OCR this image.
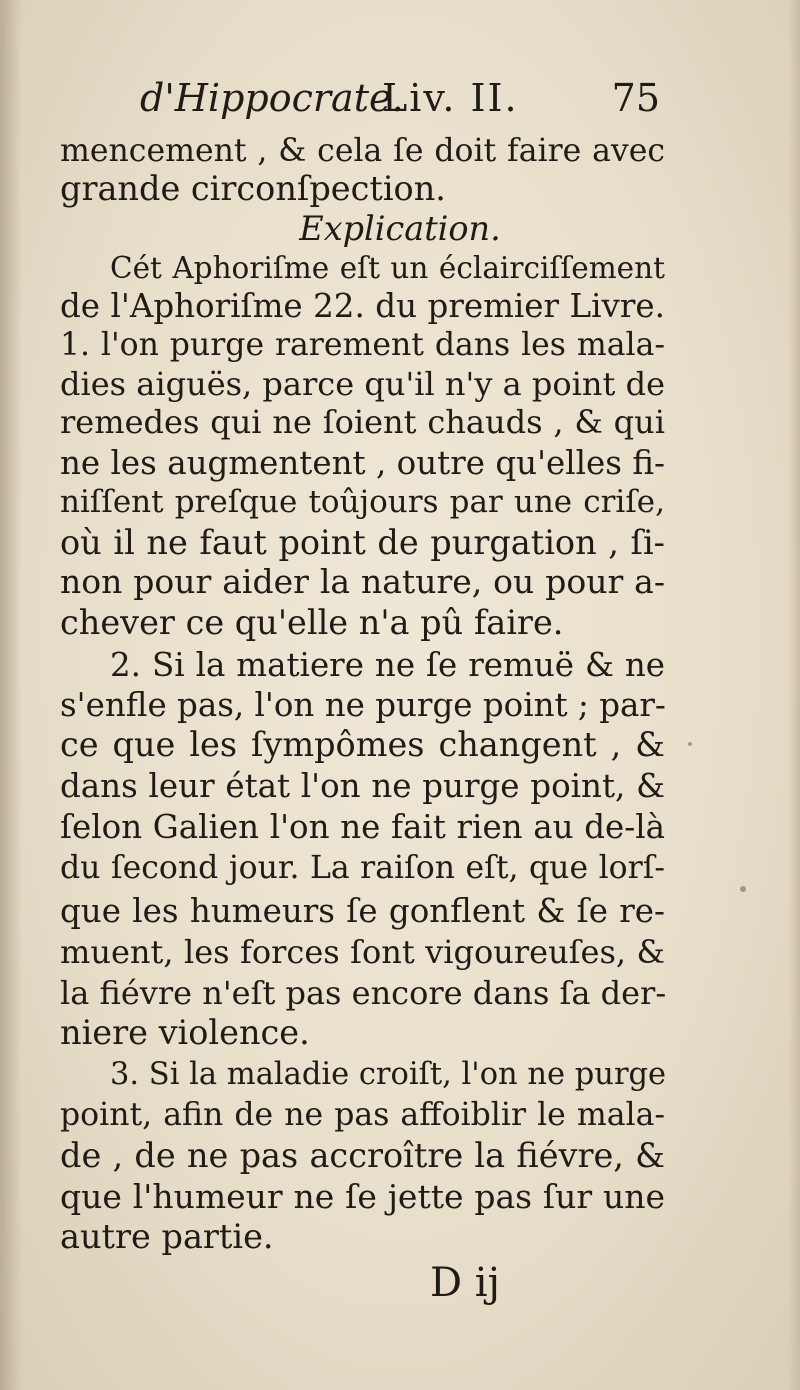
d'Hippocrate.
Liv. II. 75
mencement , & cela ſe doit faire avec
grande circonſpection.
Explication.
Cét Aphoriſme eſt un éclairciſſement
de l'Aphoriſme 22. du premier Livre.
1. l'on purge rarement dans les mala-
dies aiguës, parce qu'il n'y a point de
remedes qui ne ſoient chauds , & qui
ne les augmentent , outre qu'elles fi-
niſſent preſque toûjours par une criſe,
où il ne faut point de purgation , ſi-
non pour aider la nature, ou pour a-
chever ce qu'elle n'a pû faire.
2. Si la matiere ne ſe remuë & ne
s'enfle pas, l'on ne purge point ; par-
ce que les ſympômes changent , &
dans leur état l'on ne purge point, &
ſelon Galien l'on ne fait rien au de-là
du ſecond jour. La raiſon eſt, que lorſ-
que les humeurs ſe gonflent & ſe re-
muent, les forces ſont vigoureuſes, &
la fiévre n'eſt pas encore dans ſa der-
niere violence.
3. Si la maladie croiſt, l'on ne purge
point, afin de ne pas affoiblir le mala-
de , de ne pas accroître la fiévre, &
que l'humeur ne ſe jette pas ſur une
autre partie.
D ij
